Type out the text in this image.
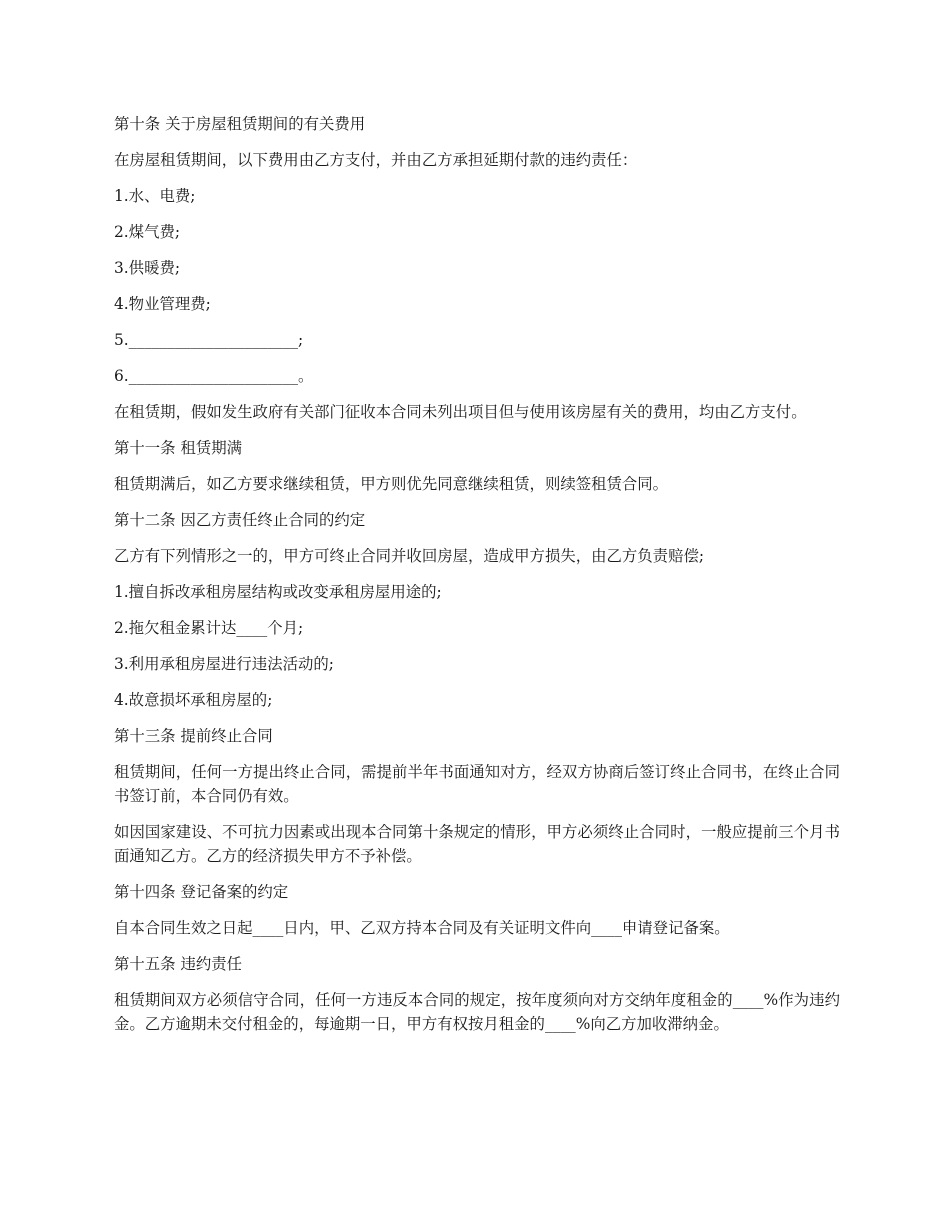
第十条 关于房屋租赁期间的有关费用

在房屋租赁期间，以下费用由乙方支付，并由乙方承担延期付款的违约责任：

1.水、电费;

2.煤气费;

3.供暖费;

4.物业管理费;

5.______________________;

6.______________________。

在租赁期，假如发生政府有关部门征收本合同未列出项目但与使用该房屋有关的费用，均由乙方支付。

第十一条 租赁期满

租赁期满后，如乙方要求继续租赁，甲方则优先同意继续租赁，则续签租赁合同。

第十二条 因乙方责任终止合同的约定

乙方有下列情形之一的，甲方可终止合同并收回房屋，造成甲方损失，由乙方负责赔偿;

1.擅自拆改承租房屋结构或改变承租房屋用途的;

2.拖欠租金累计达____个月;

3.利用承租房屋进行违法活动的;

4.故意损坏承租房屋的;

第十三条 提前终止合同

租赁期间，任何一方提出终止合同，需提前半年书面通知对方，经双方协商后签订终止合同书，在终止合同书签订前，本合同仍有效。

如因国家建设、不可抗力因素或出现本合同第十条规定的情形，甲方必须终止合同时，一般应提前三个月书面通知乙方。乙方的经济损失甲方不予补偿。

第十四条 登记备案的约定

自本合同生效之日起____日内，甲、乙双方持本合同及有关证明文件向____申请登记备案。

第十五条 违约责任

租赁期间双方必须信守合同，任何一方违反本合同的规定，按年度须向对方交纳年度租金的____%作为违约金。乙方逾期未交付租金的，每逾期一日，甲方有权按月租金的____%向乙方加收滞纳金。
